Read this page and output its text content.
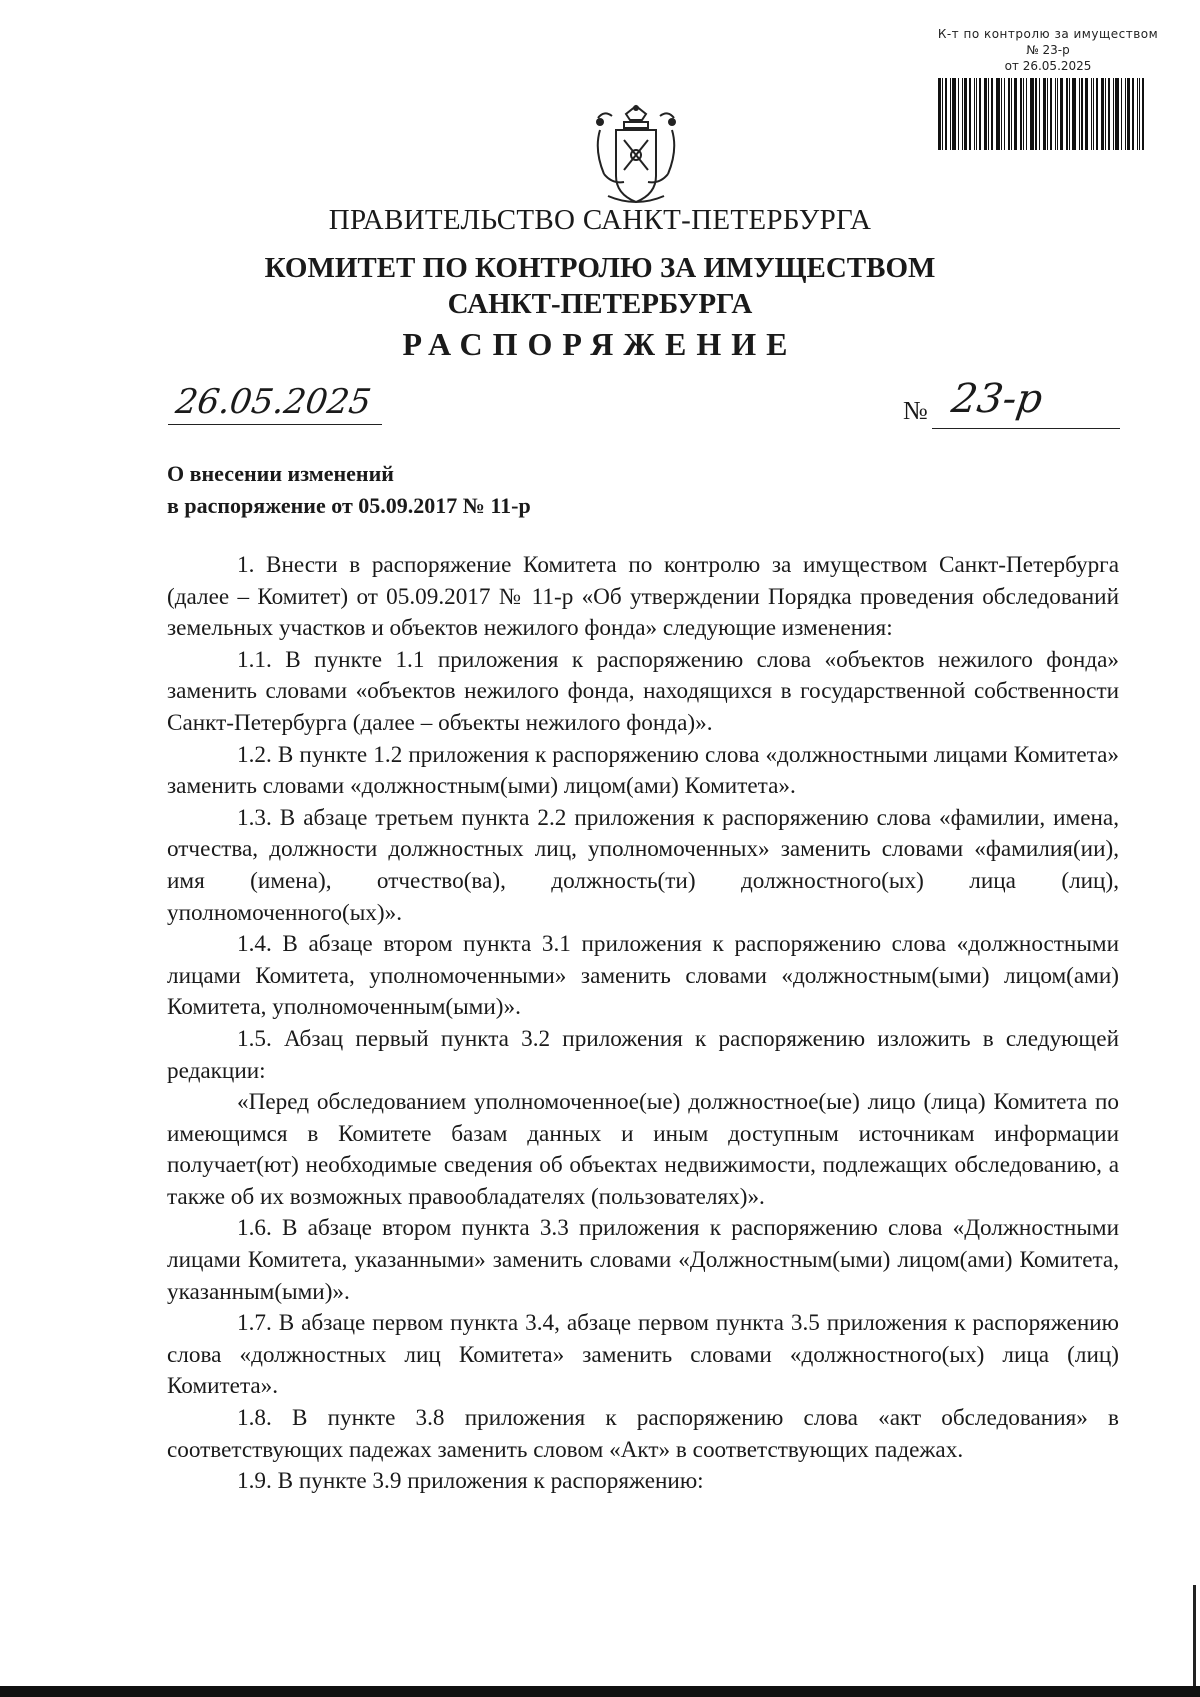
К-т по контролю за имуществом
№ 23-р
от 26.05.2025
ПРАВИТЕЛЬСТВО САНКТ-ПЕТЕРБУРГА
КОМИТЕТ ПО КОНТРОЛЮ ЗА ИМУЩЕСТВОМ
САНКТ-ПЕТЕРБУРГА
РАСПОРЯЖЕНИЕ
26.05.2025	№ 23-р
О внесении изменений
в распоряжение от 05.09.2017 № 11-р

1. Внести в распоряжение Комитета по контролю за имуществом Санкт-Петербурга (далее – Комитет) от 05.09.2017 № 11-р «Об утверждении Порядка проведения обследований земельных участков и объектов нежилого фонда» следующие изменения:

1.1. В пункте 1.1 приложения к распоряжению слова «объектов нежилого фонда» заменить словами «объектов нежилого фонда, находящихся в государственной собственности Санкт-Петербурга (далее – объекты нежилого фонда)».

1.2. В пункте 1.2 приложения к распоряжению слова «должностными лицами Комитета» заменить словами «должностным(ыми) лицом(ами) Комитета».

1.3. В абзаце третьем пункта 2.2 приложения к распоряжению слова «фамилии, имена, отчества, должности должностных лиц, уполномоченных» заменить словами «фамилия(ии), имя (имена), отчество(ва), должность(ти) должностного(ых) лица (лиц), уполномоченного(ых)».

1.4. В абзаце втором пункта 3.1 приложения к распоряжению слова «должностными лицами Комитета, уполномоченными» заменить словами «должностным(ыми) лицом(ами) Комитета, уполномоченным(ыми)».

1.5. Абзац первый пункта 3.2 приложения к распоряжению изложить в следующей редакции:

«Перед обследованием уполномоченное(ые) должностное(ые) лицо (лица) Комитета по имеющимся в Комитете базам данных и иным доступным источникам информации получает(ют) необходимые сведения об объектах недвижимости, подлежащих обследованию, а также об их возможных правообладателях (пользователях)».

1.6. В абзаце втором пункта 3.3 приложения к распоряжению слова «Должностными лицами Комитета, указанными» заменить словами «Должностным(ыми) лицом(ами) Комитета, указанным(ыми)».

1.7. В абзаце первом пункта 3.4, абзаце первом пункта 3.5 приложения к распоряжению слова «должностных лиц Комитета» заменить словами «должностного(ых) лица (лиц) Комитета».

1.8. В пункте 3.8 приложения к распоряжению слова «акт обследования» в соответствующих падежах заменить словом «Акт» в соответствующих падежах.

1.9. В пункте 3.9 приложения к распоряжению:
